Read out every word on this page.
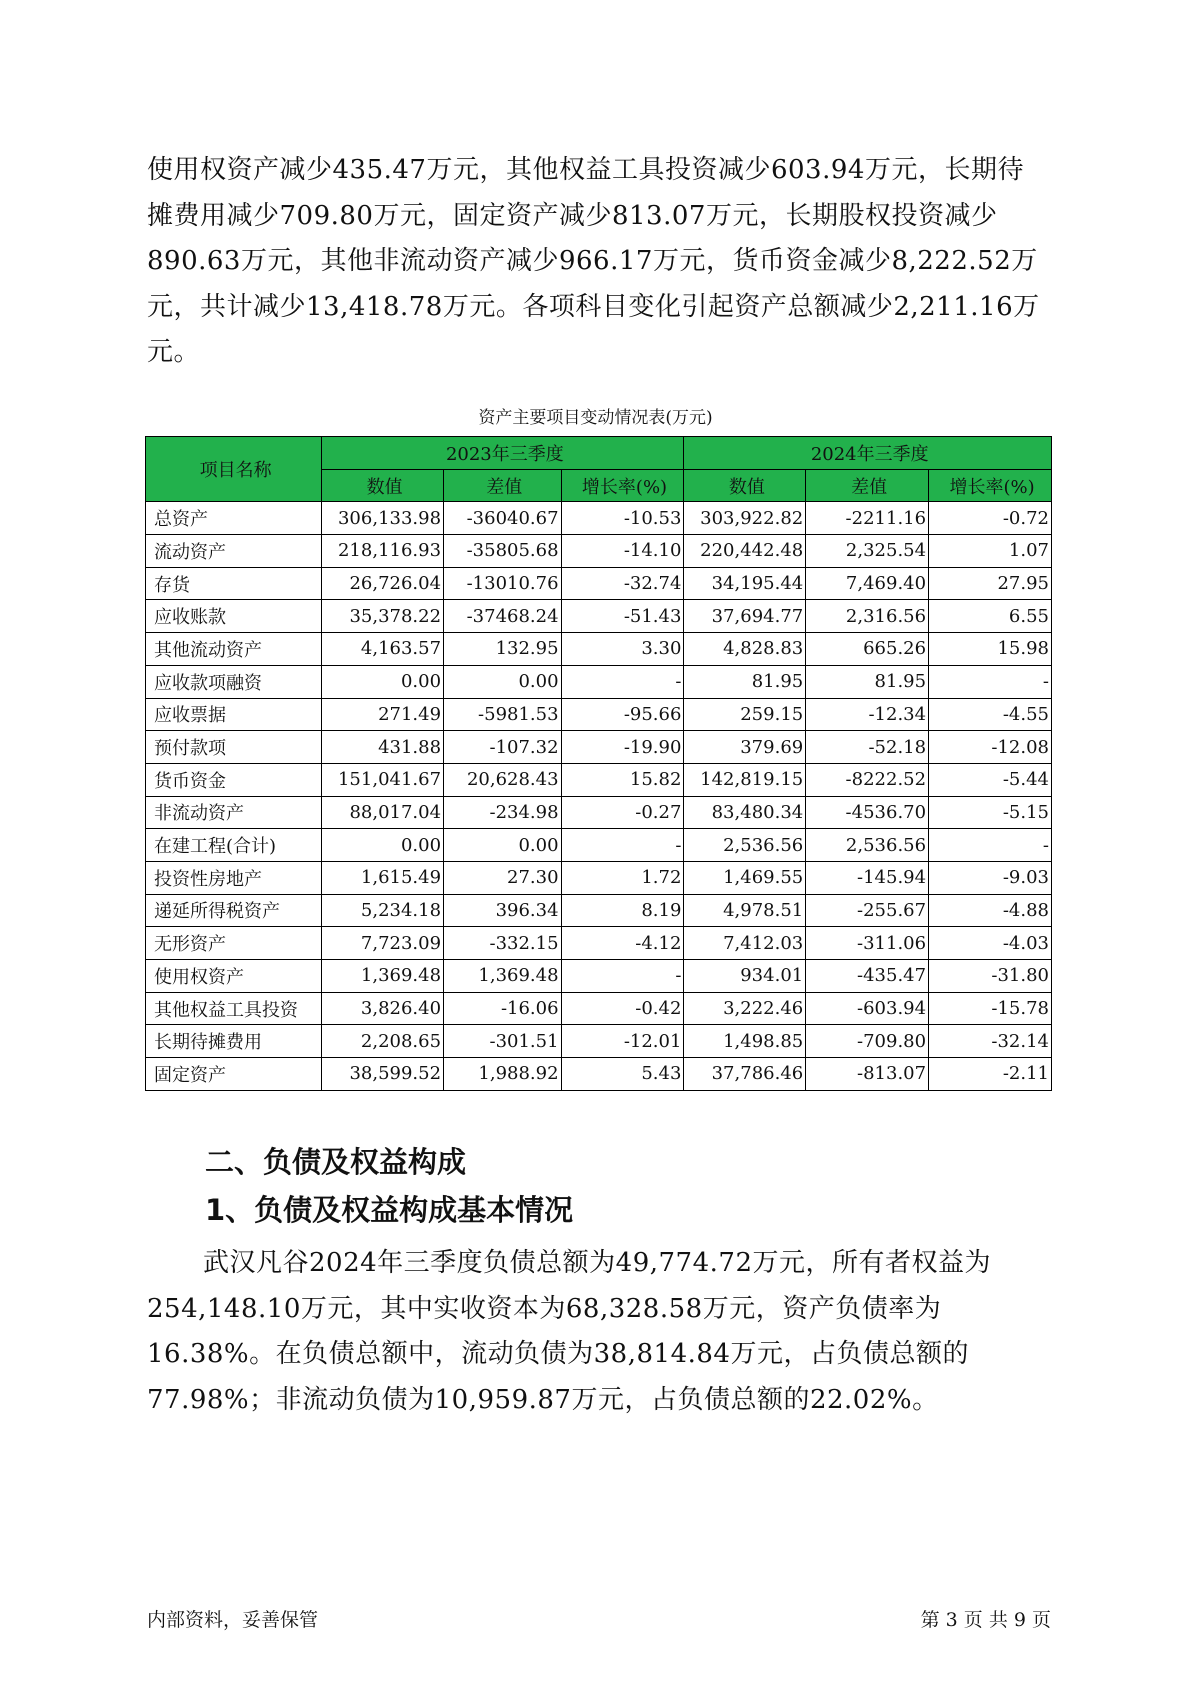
使用权资产减少435.47万元，其他权益工具投资减少603.94万元，长期待摊费用减少709.80万元，固定资产减少813.07万元，长期股权投资减少890.63万元，其他非流动资产减少966.17万元，货币资金减少8,222.52万元，共计减少13,418.78万元。各项科目变化引起资产总额减少2,211.16万元。

资产主要项目变动情况表(万元)

项目名称	2023年三季度			2024年三季度		
	数值	差值	增长率(%)	数值	差值	增长率(%)
总资产	306,133.98	-36040.67	-10.53	303,922.82	-2211.16	-0.72
流动资产	218,116.93	-35805.68	-14.10	220,442.48	2,325.54	1.07
存货	26,726.04	-13010.76	-32.74	34,195.44	7,469.40	27.95
应收账款	35,378.22	-37468.24	-51.43	37,694.77	2,316.56	6.55
其他流动资产	4,163.57	132.95	3.30	4,828.83	665.26	15.98
应收款项融资	0.00	0.00	-	81.95	81.95	-
应收票据	271.49	-5981.53	-95.66	259.15	-12.34	-4.55
预付款项	431.88	-107.32	-19.90	379.69	-52.18	-12.08
货币资金	151,041.67	20,628.43	15.82	142,819.15	-8222.52	-5.44
非流动资产	88,017.04	-234.98	-0.27	83,480.34	-4536.70	-5.15
在建工程(合计)	0.00	0.00	-	2,536.56	2,536.56	-
投资性房地产	1,615.49	27.30	1.72	1,469.55	-145.94	-9.03
递延所得税资产	5,234.18	396.34	8.19	4,978.51	-255.67	-4.88
无形资产	7,723.09	-332.15	-4.12	7,412.03	-311.06	-4.03
使用权资产	1,369.48	1,369.48	-	934.01	-435.47	-31.80
其他权益工具投资	3,826.40	-16.06	-0.42	3,222.46	-603.94	-15.78
长期待摊费用	2,208.65	-301.51	-12.01	1,498.85	-709.80	-32.14
固定资产	38,599.52	1,988.92	5.43	37,786.46	-813.07	-2.11
二、负债及权益构成
1、负债及权益构成基本情况

武汉凡谷2024年三季度负债总额为49,774.72万元，所有者权益为254,148.10万元，其中实收资本为68,328.58万元，资产负债率为16.38%。在负债总额中，流动负债为38,814.84万元，占负债总额的77.98%；非流动负债为10,959.87万元，占负债总额的22.02%。

内部资料，妥善保管	第 3 页 共 9 页
